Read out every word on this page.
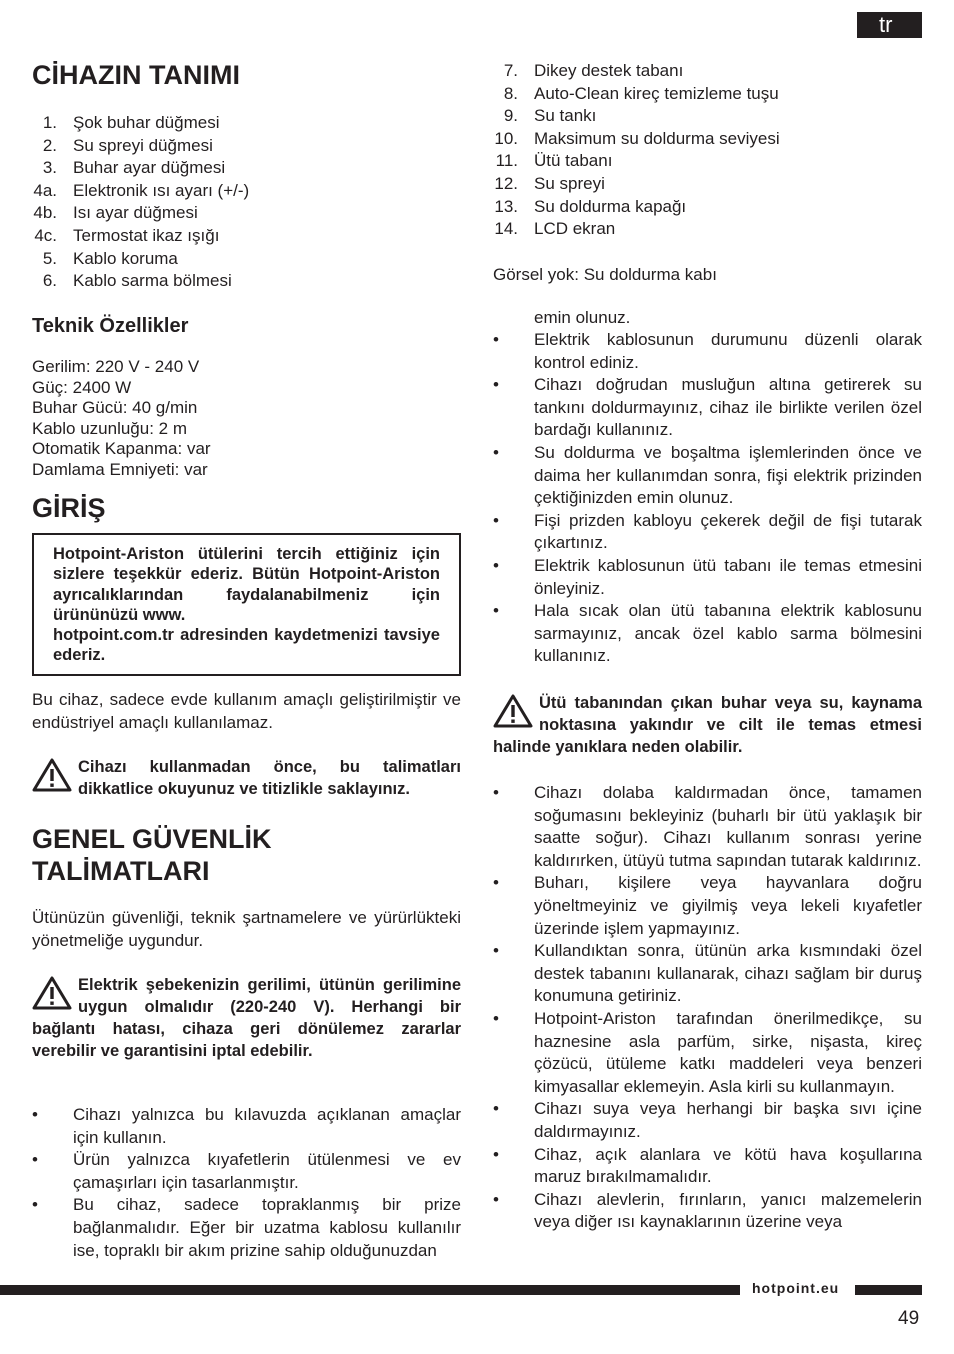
tr
CİHAZIN TANIMI
1. Şok buhar düğmesi
2. Su spreyi düğmesi
3. Buhar ayar düğmesi
4a. Elektronik ısı ayarı (+/-)
4b. Isı ayar düğmesi
4c. Termostat ikaz ışığı
5. Kablo koruma
6. Kablo sarma bölmesi
Teknik Özellikler
Gerilim: 220 V - 240 V
Güç: 2400 W
Buhar Gücü: 40 g/min
Kablo uzunluğu: 2 m
Otomatik Kapanma: var
Damlama Emniyeti: var
GİRİŞ

Hotpoint-Ariston ütülerini tercih ettiğiniz için sizlere teşekkür ederiz. Bütün Hotpoint-Ariston ayrıcalıklarından faydalanabilmeniz için ürününüzü www.

hotpoint.com.tr adresinden kaydetmenizi tavsiye ederiz.

Bu cihaz, sadece evde kullanım amaçlı geliştirilmiştir ve endüstriyel amaçlı kullanılamaz.

Cihazı kullanmadan önce, bu talimatları dikkatlice okuyunuz ve titizlikle saklayınız.
GENEL GÜVENLİK
TALİMATLARI

Ütünüzün güvenliği, teknik şartnamelere ve yürürlükteki yönetmeliğe uygundur.

Elektrik şebekenizin gerilimi, ütünün gerilimine uygun olmalıdır (220-240 V). Herhangi bir bağlantı hatası, cihaza geri dönülemez zararlar verebilir ve garantisini iptal edebilir.
• Cihazı yalnızca bu kılavuzda açıklanan amaçlar için kullanın.
• Ürün yalnızca kıyafetlerin ütülenmesi ve ev çamaşırları için tasarlanmıştır.
• Bu cihaz, sadece topraklanmış bir prize bağlanmalıdır. Eğer bir uzatma kablosu kullanılır ise, topraklı bir akım prizine sahip olduğunuzdan
7. Dikey destek tabanı
8. Auto-Clean kireç temizleme tuşu
9. Su tankı
10. Maksimum su doldurma seviyesi
11. Ütü tabanı
12. Su spreyi
13. Su doldurma kapağı
14. LCD ekran

Görsel yok: Su doldurma kabı

emin olunuz.

• Elektrik kablosunun durumunu düzenli olarak kontrol ediniz.
• Cihazı doğrudan musluğun altına getirerek su tankını doldurmayınız, cihaz ile birlikte verilen özel bardağı kullanınız.
• Su doldurma ve boşaltma işlemlerinden önce ve daima her kullanımdan sonra, fişi elektrik prizinden çektiğinizden emin olunuz.
• Fişi prizden kabloyu çekerek değil de fişi tutarak çıkartınız.
• Elektrik kablosunun ütü tabanı ile temas etmesini önleyiniz.
• Hala sıcak olan ütü tabanına elektrik kablosunu sarmayınız, ancak özel kablo sarma bölmesini kullanınız.
Ütü tabanından çıkan buhar veya su, kaynama noktasına yakındır ve cilt ile temas etmesi halinde yanıklara neden olabilir.
• Cihazı dolaba kaldırmadan önce, tamamen soğumasını bekleyiniz (buharlı bir ütü yaklaşık bir saatte soğur). Cihazı kullanım sonrası yerine kaldırırken, ütüyü tutma sapından tutarak kaldırınız.
• Buharı, kişilere veya hayvanlara doğru yöneltmeyiniz ve giyilmiş veya lekeli kıyafetler üzerinde işlem yapmayınız.
• Kullandıktan sonra, ütünün arka kısmındaki özel destek tabanını kullanarak, cihazı sağlam bir duruş konumuna getiriniz.
• Hotpoint-Ariston tarafından önerilmedikçe, su haznesine asla parfüm, sirke, nişasta, kireç çözücü, ütüleme katkı maddeleri veya benzeri kimyasallar eklemeyin. Asla kirli su kullanmayın.
• Cihazı suya veya herhangi bir başka sıvı içine daldırmayınız.
• Cihaz, açık alanlara ve kötü hava koşullarına maruz bırakılmamalıdır.
• Cihazı alevlerin, fırınların, yanıcı malzemelerin veya diğer ısı kaynaklarının üzerine veya
hotpoint.eu
49
